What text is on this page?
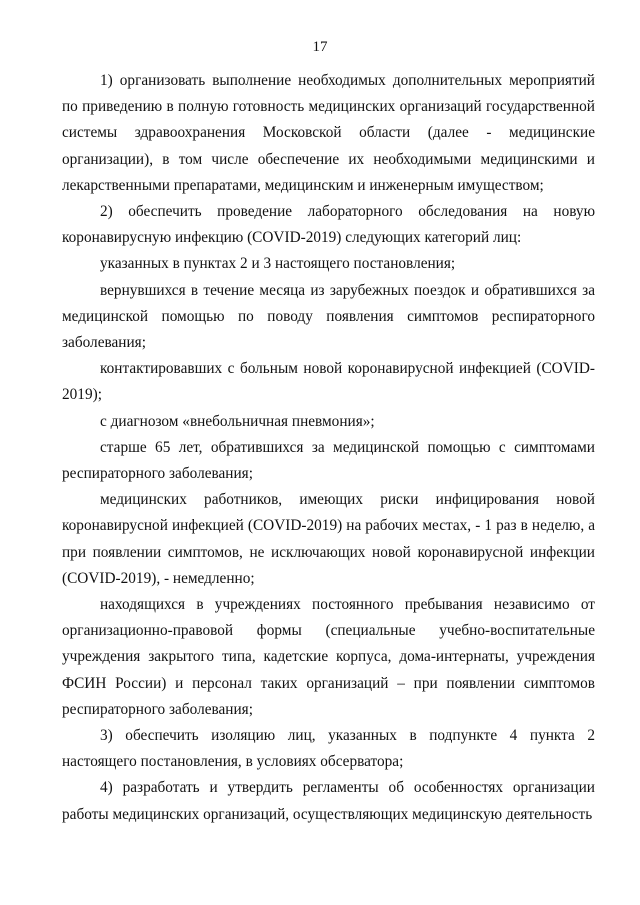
17

1) организовать выполнение необходимых дополнительных мероприятий по приведению в полную готовность медицинских организаций государственной системы здравоохранения Московской области (далее - медицинские организации), в том числе обеспечение их необходимыми медицинскими и лекарственными препаратами, медицинским и инженерным имуществом;

2) обеспечить проведение лабораторного обследования на новую коронавирусную инфекцию (COVID-2019) следующих категорий лиц:

указанных в пунктах 2 и 3 настоящего постановления;

вернувшихся в течение месяца из зарубежных поездок и обратившихся за медицинской помощью по поводу появления симптомов респираторного заболевания;

контактировавших с больным новой коронавирусной инфекцией (COVID-2019);

с диагнозом «внебольничная пневмония»;

старше 65 лет, обратившихся за медицинской помощью с симптомами респираторного заболевания;

медицинских работников, имеющих риски инфицирования новой коронавирусной инфекцией (COVID-2019) на рабочих местах, - 1 раз в неделю, а при появлении симптомов, не исключающих новой коронавирусной инфекции (COVID-2019), - немедленно;

находящихся в учреждениях постоянного пребывания независимо от организационно-правовой формы (специальные учебно-воспитательные учреждения закрытого типа, кадетские корпуса, дома-интернаты, учреждения ФСИН России) и персонал таких организаций – при появлении симптомов респираторного заболевания;

3) обеспечить изоляцию лиц, указанных в подпункте 4 пункта 2 настоящего постановления, в условиях обсерватора;

4) разработать и утвердить регламенты об особенностях организации работы медицинских организаций, осуществляющих медицинскую деятельность
